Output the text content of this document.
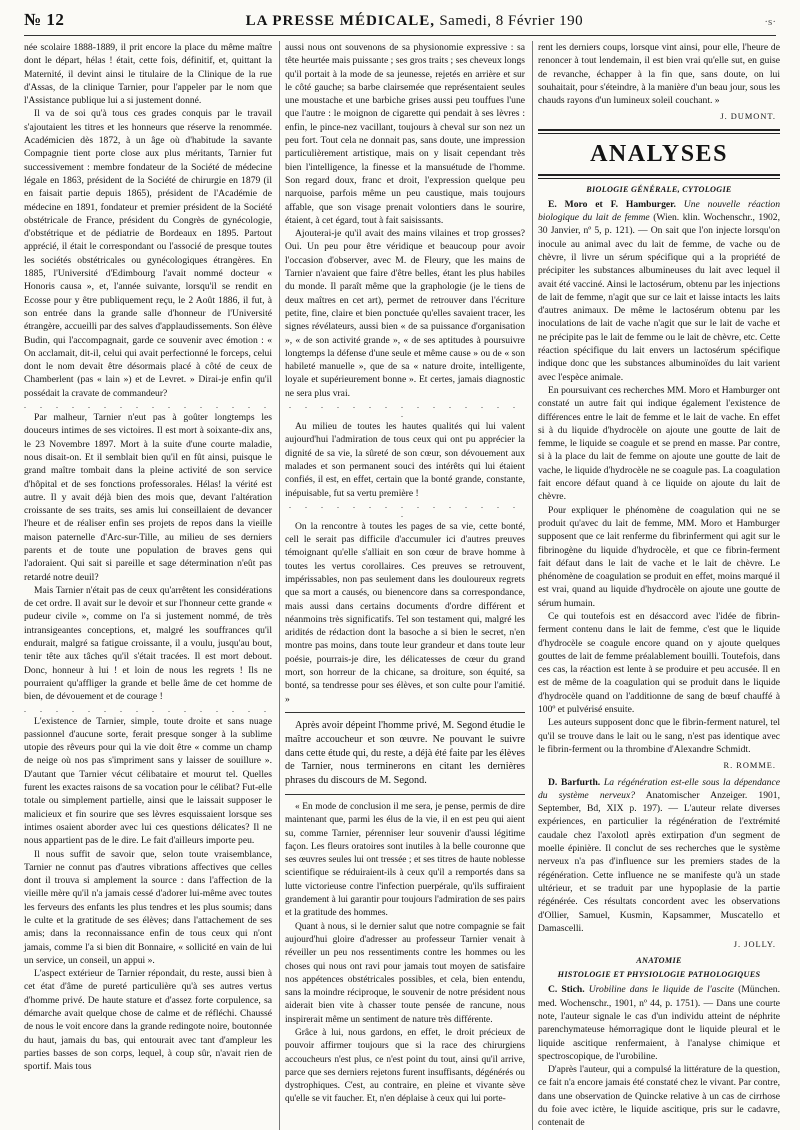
№ 12	LA PRESSE MÉDICALE, Samedi, 8 Février 190	·s·

née scolaire 1888-1889, il prit encore la place du même maître dont le départ, hélas ! était, cette fois, définitif, et, quittant la Maternité, il devint ainsi le titulaire de la Clinique de la rue d'Assas, de la clinique Tarnier, pour l'appeler par le nom que l'Assistance publique lui a si justement donné.

Il va de soi qu'à tous ces grades conquis par le travail s'ajoutaient les titres et les honneurs que réserve la renommée. Académicien dès 1872, à un âge où d'habitude la savante Compagnie tient porte close aux plus méritants, Tarnier fut successivement : membre fondateur de la Société de médecine légale en 1863, président de la Société de chirurgie en 1879 (il en faisait partie depuis 1865), président de l'Académie de médecine en 1891, fondateur et premier président de la Société obstétricale de France, président du Congrès de gynécologie, d'obstétrique et de pédiatrie de Bordeaux en 1895. Partout apprécié, il était le correspondant ou l'associé de presque toutes les sociétés obstétricales ou gynécologiques étrangères. En 1885, l'Université d'Edimbourg l'avait nommé docteur « Honoris causa », et, l'année suivante, lorsqu'il se rendit en Ecosse pour y être publiquement reçu, le 2 Août 1886, il fut, à son entrée dans la grande salle d'honneur de l'Université étrangère, accueilli par des salves d'applaudissements. Son élève Budin, qui l'accompagnait, garde ce souvenir avec émotion : « On acclamait, dit-il, celui qui avait perfectionné le forceps, celui dont le nom devait être désormais placé à côté de ceux de Chamberlent (pas « lain ») et de Levret. » Dirai-je enfin qu'il possédait la cravate de commandeur?

. . . . . . . . . . . . . . . .

Par malheur, Tarnier n'eut pas à goûter longtemps les douceurs intimes de ses victoires. Il est mort à soixante-dix ans, le 23 Novembre 1897. Mort à la suite d'une courte maladie, nous disait-on. Et il semblait bien qu'il en fût ainsi, puisque le grand maître tombait dans la pleine activité de son service d'hôpital et de ses fonctions professorales. Hélas! la vérité est autre. Il y avait déjà bien des mois que, devant l'altération croissante de ses traits, ses amis lui conseillaient de devancer l'heure et de réaliser enfin ses projets de repos dans la vieille maison paternelle d'Arc-sur-Tille, au milieu de ses derniers parents et de toute une population de braves gens qui l'adoraient. Qui sait si pareille et sage détermination n'eût pas retardé notre deuil?

Mais Tarnier n'était pas de ceux qu'arrêtent les considérations de cet ordre. Il avait sur le devoir et sur l'honneur cette grande « pudeur civile », comme on l'a si justement nommé, de très intransigeantes conceptions, et, malgré les souffrances qu'il endurait, malgré sa fatigue croissante, il a voulu, jusqu'au bout, tenir tête aux tâches qu'il s'était tracées. Il est mort debout. Donc, honneur à lui ! et loin de nous les regrets ! Ils ne pourraient qu'affliger la grande et belle âme de cet homme de bien, de dévouement et de courage !

. . . . . . . . . . . . . . . .

L'existence de Tarnier, simple, toute droite et sans nuage passionnel d'aucune sorte, ferait presque songer à la sublime utopie des rêveurs pour qui la vie doit être « comme un champ de neige où nos pas s'impriment sans y laisser de souillure ». D'autant que Tarnier vécut célibataire et mourut tel. Quelles furent les exactes raisons de sa vocation pour le célibat? Fut-elle totale ou simplement partielle, ainsi que le laissait supposer le malicieux et fin sourire que ses lèvres esquissaient lorsque ses intimes osaient aborder avec lui ces questions délicates? Il ne nous appartient pas de le dire. Le fait d'ailleurs importe peu.

Il nous suffit de savoir que, selon toute vraisemblance, Tarnier ne connut pas d'autres vibrations affectives que celles dont il trouva si amplement la source : dans l'affection de la vieille mère qu'il n'a jamais cessé d'adorer lui-même avec toutes les ferveurs des enfants les plus tendres et les plus soumis; dans le culte et la gratitude de ses élèves; dans l'attachement de ses amis; dans la reconnaissance enfin de tous ceux qui n'ont jamais, comme l'a si bien dit Bonnaire, « sollicité en vain de lui un service, un conseil, un appui ».

L'aspect extérieur de Tarnier répondait, du reste, aussi bien à cet état d'âme de pureté particulière qu'à ses autres vertus d'homme privé. De haute stature et d'assez forte corpulence, sa démarche avait quelque chose de calme et de réfléchi. Chaussé de nous le voit encore dans la grande redingote noire, boutonnée du haut, jamais du bas, qui entourait avec tant d'ampleur les parties basses de son corps, lequel, à coup sûr, n'avait rien de sportif. Mais tous

aussi nous ont souvenons de sa physionomie expressive : sa tête heurtée mais puissante ; ses gros traits ; ses cheveux longs qu'il portait à la mode de sa jeunesse, rejetés en arrière et sur le côté gauche; sa barbe clairsemée que représentaient seules une moustache et une barbiche grises aussi peu touffues l'une que l'autre : le moignon de cigarette qui pendait à ses lèvres : enfin, le pince-nez vacillant, toujours à cheval sur son nez un peu fort. Tout cela ne donnait pas, sans doute, une impression particulièrement artistique, mais on y lisait cependant très bien l'intelligence, la finesse et la mansuétude de l'homme. Son regard doux, franc et droit, l'expression quelque peu narquoise, parfois même un peu caustique, mais toujours affable, que son visage prenait volontiers dans le sourire, étaient, à cet égard, tout à fait saisissants.

Ajouterai-je qu'il avait des mains vilaines et trop grosses? Oui. Un peu pour être véridique et beaucoup pour avoir l'occasion d'observer, avec M. de Fleury, que les mains de Tarnier n'avaient que faire d'être belles, étant les plus habiles du monde. Il paraît même que la graphologie (je le tiens de deux maîtres en cet art), permet de retrouver dans l'écriture petite, fine, claire et bien ponctuée qu'elles savaient tracer, les signes révélateurs, aussi bien « de sa puissance d'organisation », « de son activité grande », « de ses aptitudes à poursuivre longtemps la défense d'une seule et même cause » ou de « son habileté manuelle », que de sa « nature droite, intelligente, loyale et supérieurement bonne ». Et certes, jamais diagnostic ne sera plus vrai.

. . . . . . . . . . . . . . . .

Au milieu de toutes les hautes qualités qui lui valent aujourd'hui l'admiration de tous ceux qui ont pu apprécier la dignité de sa vie, la sûreté de son cœur, son dévouement aux malades et son permanent souci des intérêts qui lui étaient confiés, il est, en effet, certain que la bonté grande, constante, inépuisable, fut sa vertu première !

. . . . . . . . . . . . . . . .

On la rencontre à toutes les pages de sa vie, cette bonté, cell le serait pas difficile d'accumuler ici d'autres preuves témoignant qu'elle s'alliait en son cœur de brave homme à toutes les vertus corollaires. Ces preuves se retrouvent, impérissables, non pas seulement dans les douloureux regrets que sa mort a causés, ou bienencore dans sa correspondance, mais aussi dans certains documents d'ordre différent et néanmoins très significatifs. Tel son testament qui, malgré les aridités de rédaction dont la basoche a si bien le secret, n'en montre pas moins, dans toute leur grandeur et dans toute leur poésie, pourrais-je dire, les délicatesses de cœur du grand mort, son horreur de la chicane, sa droiture, son équité, sa bonté, sa tendresse pour ses élèves, et son culte pour l'amitié. »

Après avoir dépeint l'homme privé, M. Segond étudie le maître accoucheur et son œuvre. Ne pouvant le suivre dans cette étude qui, du reste, a déjà été faite par les élèves de Tarnier, nous terminerons en citant les dernières phrases du discours de M. Segond.

« En mode de conclusion il me sera, je pense, permis de dire maintenant que, parmi les élus de la vie, il en est peu qui aient su, comme Tarnier, pérenniser leur souvenir d'aussi légitime façon. Les fleurs oratoires sont inutiles à la belle couronne que ses œuvres seules lui ont tressée ; et ses titres de haute noblesse scientifique se réduiraient-ils à ceux qu'il a remportés dans sa lutte victorieuse contre l'infection puerpérale, qu'ils suffiraient grandement à lui garantir pour toujours l'admiration de ses pairs et la gratitude des hommes.

Quant à nous, si le dernier salut que notre compagnie se fait aujourd'hui gloire d'adresser au professeur Tarnier venait à réveiller un peu nos ressentiments contre les hommes ou les choses qui nous ont ravi pour jamais tout moyen de satisfaire nos appétences obstétricales possibles, et cela, bien entendu, sans la moindre réciproque, le souvenir de notre président nous aiderait bien vite à chasser toute pensée de rancune, nous inspirerait même un sentiment de nature très différente.

Grâce à lui, nous gardons, en effet, le droit précieux de pouvoir affirmer toujours que si la race des chirurgiens accoucheurs n'est plus, ce n'est point du tout, ainsi qu'il arrive, parce que ses derniers rejetons furent insuffisants, dégénérés ou dystrophiques. C'est, au contraire, en pleine et vivante sève qu'elle se vit faucher. Et, n'en déplaise à ceux qui lui porte-

rent les derniers coups, lorsque vint ainsi, pour elle, l'heure de renoncer à tout lendemain, il est bien vrai qu'elle sut, en guise de revanche, échapper à la fin que, sans doute, on lui souhaitait, pour s'éteindre, à la manière d'un beau jour, sous les chauds rayons d'un lumineux soleil couchant. »

J. DUMONT.
ANALYSES
BIOLOGIE GÉNÉRALE, CYTOLOGIE

E. Moro et F. Hamburger. Une nouvelle réaction biologique du lait de femme (Wien. klin. Wochenschr., 1902, 30 Janvier, nº 5, p. 121). — On sait que l'on injecte lorsqu'on inocule au animal avec du lait de femme, de vache ou de chèvre, il livre un sérum spécifique qui a la propriété de précipiter les substances albumineuses du lait avec lequel il avait été vacciné. Ainsi le lactosérum, obtenu par les injections de lait de femme, n'agit que sur ce lait et laisse intacts les laits d'autres animaux. De même le lactosérum obtenu par les inoculations de lait de vache n'agit que sur le lait de vache et ne précipite pas le lait de femme ou le lait de chèvre, etc. Cette réaction spécifique du lait envers un lactosérum spécifique indique donc que les substances albuminoïdes du lait varient avec l'espèce animale.

En poursuivant ces recherches MM. Moro et Hamburger ont constaté un autre fait qui indique également l'existence de différences entre le lait de femme et le lait de vache. En effet si à du liquide d'hydrocèle on ajoute une goutte de lait de femme, le liquide se coagule et se prend en masse. Par contre, si à la place du lait de femme on ajoute une goutte de lait de vache, le liquide d'hydrocèle ne se coagule pas. La coagulation fait encore défaut quand à ce liquide on ajoute du lait de chèvre.

Pour expliquer le phénomène de coagulation qui ne se produit qu'avec du lait de femme, MM. Moro et Hamburger supposent que ce lait renferme du fibrinferment qui agit sur le fibrinogène du liquide d'hydrocèle, et que ce fibrin-ferment fait défaut dans le lait de vache et le lait de chèvre. Le phénomène de coagulation se produit en effet, moins marqué il est vrai, quand au liquide d'hydrocèle on ajoute une goutte de sérum humain.

Ce qui toutefois est en désaccord avec l'idée de fibrin-ferment contenu dans le lait de femme, c'est que le liquide d'hydrocèle se coagule encore quand on y ajoute quelques gouttes de lait de femme préalablement bouilli. Toutefois, dans ces cas, la réaction est lente à se produire et peu accusée. Il en est de même de la coagulation qui se produit dans le liquide d'hydrocèle quand on l'additionne de sang de bœuf chauffé à 100º et pulvérisé ensuite.

Les auteurs supposent donc que le fibrin-ferment naturel, tel qu'il se trouve dans le lait ou le sang, n'est pas identique avec le fibrin-ferment ou la thrombine d'Alexandre Schmidt.

R. ROMME.

D. Barfurth. La régénération est-elle sous la dépendance du système nerveux? Anatomischer Anzeiger. 1901, September, Bd, XIX p. 197). — L'auteur relate diverses expériences, en particulier la régénération de l'extrémité caudale chez l'axolotl après extirpation d'un segment de moelle épinière. Il conclut de ses recherches que le système nerveux n'a pas d'influence sur les premiers stades de la régénération. Cette influence ne se manifeste qu'à un stade ultérieur, et se traduit par une hypoplasie de la partie régénérée. Ces résultats concordent avec les observations d'Ollier, Samuel, Kusmin, Kapsammer, Muscatello et Damascelli.

J. JOLLY.
ANATOMIE
HISTOLOGIE ET PHYSIOLOGIE PATHOLOGIQUES

C. Stich. Urobiline dans le liquide de l'ascite (München. med. Wochenschr., 1901, nº 44, p. 1751). — Dans une courte note, l'auteur signale le cas d'un individu atteint de néphrite parenchymateuse hémorragique dont le liquide pleural et le liquide ascitique renfermaient, à l'analyse chimique et spectroscopique, de l'urobiline.

D'après l'auteur, qui a compulsé la littérature de la question, ce fait n'a encore jamais été constaté chez le vivant. Par contre, dans une observation de Quincke relative à un cas de cirrhose du foie avec ictère, le liquide ascitique, pris sur le cadavre, contenait de
